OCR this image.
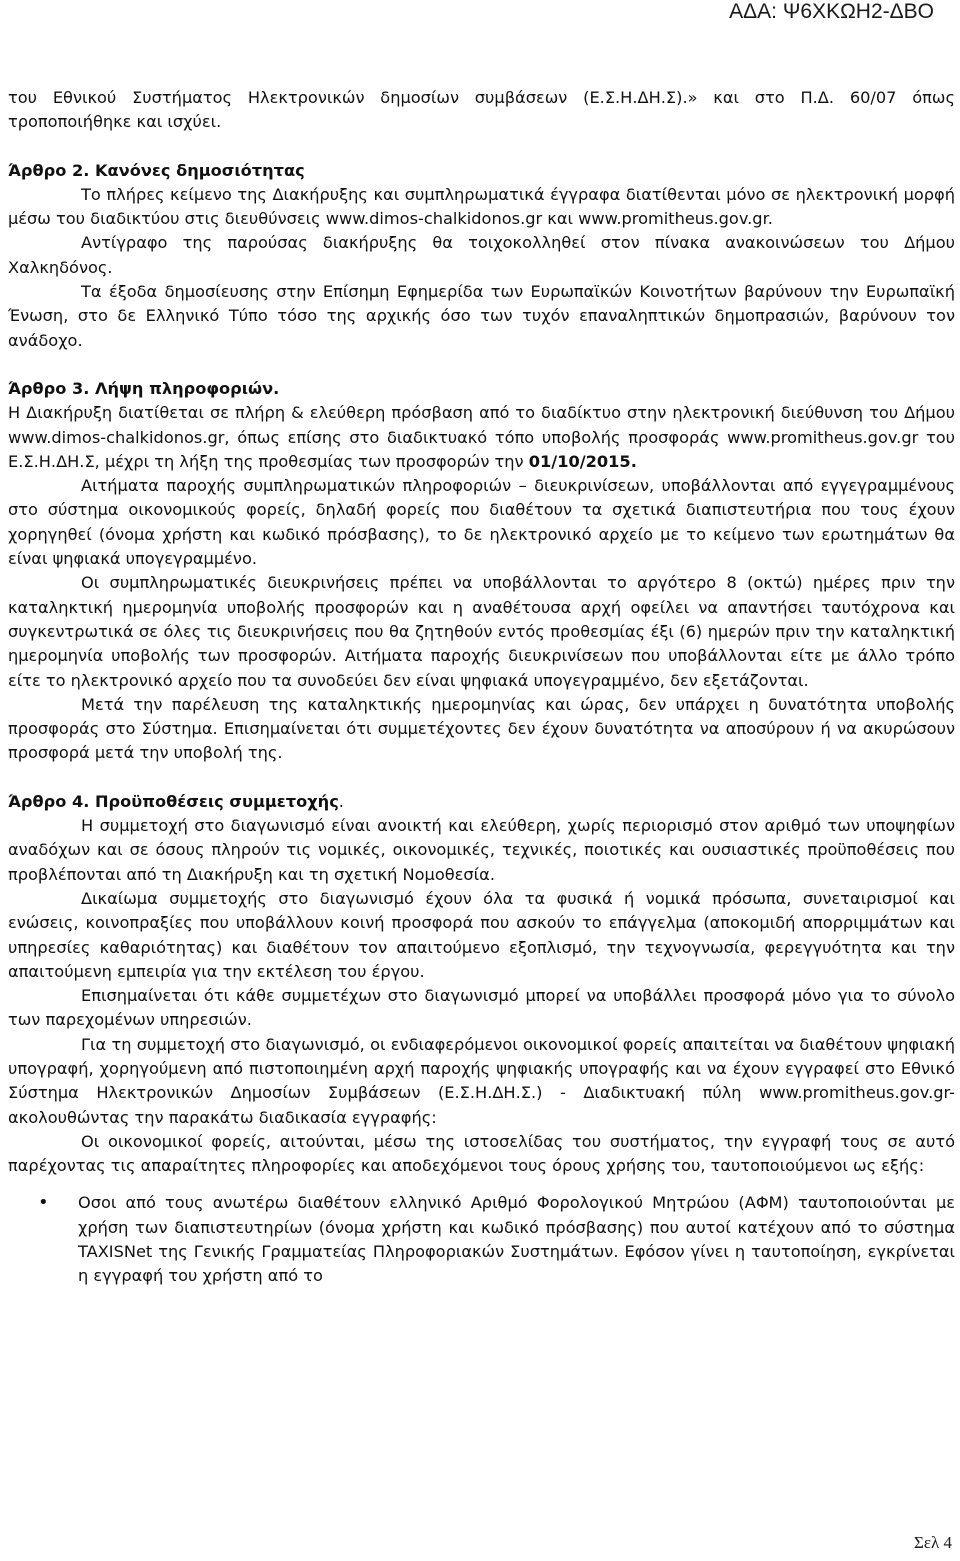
ΑΔΑ: Ψ6ΧΚΩΗ2-ΔΒΟ

του Εθνικού Συστήματος Ηλεκτρονικών δημοσίων συμβάσεων (Ε.Σ.Η.ΔΗ.Σ).» και στο Π.Δ. 60/07 όπως τροποποιήθηκε και ισχύει.

Άρθρο 2. Κανόνες δημοσιότητας

Το πλήρες κείμενο της Διακήρυξης και συμπληρωματικά έγγραφα διατίθενται μόνο σε ηλεκτρονική μορφή μέσω του διαδικτύου στις διευθύνσεις www.dimos-chalkidonos.gr και www.promitheus.gov.gr.

Αντίγραφο της παρούσας διακήρυξης θα τοιχοκολληθεί στον πίνακα ανακοινώσεων του Δήμου Χαλκηδόνος.

Τα έξοδα δημοσίευσης στην Επίσημη Εφημερίδα των Ευρωπαϊκών Κοινοτήτων βαρύνουν την Ευρωπαϊκή Ένωση, στο δε Ελληνικό Τύπο τόσο της αρχικής όσο των τυχόν επαναληπτικών δημοπρασιών, βαρύνουν τον ανάδοχο.

Άρθρο 3. Λήψη πληροφοριών.

Η Διακήρυξη διατίθεται σε πλήρη & ελεύθερη πρόσβαση από το διαδίκτυο στην ηλεκτρονική διεύθυνση του Δήμου www.dimos-chalkidonos.gr, όπως επίσης στο διαδικτυακό τόπο υποβολής προσφοράς www.promitheus.gov.gr του Ε.Σ.Η.ΔΗ.Σ, μέχρι τη λήξη της προθεσμίας των προσφορών την 01/10/2015.

Αιτήματα παροχής συμπληρωματικών πληροφοριών – διευκρινίσεων, υποβάλλονται από εγγεγραμμένους στο σύστημα οικονομικούς φορείς, δηλαδή φορείς που διαθέτουν τα σχετικά διαπιστευτήρια που τους έχουν χορηγηθεί (όνομα χρήστη και κωδικό πρόσβασης), το δε ηλεκτρονικό αρχείο με το κείμενο των ερωτημάτων θα είναι ψηφιακά υπογεγραμμένο.

Οι συμπληρωματικές διευκρινήσεις πρέπει να υποβάλλονται το αργότερο 8 (οκτώ) ημέρες πριν την καταληκτική ημερομηνία υποβολής προσφορών και η αναθέτουσα αρχή οφείλει να απαντήσει ταυτόχρονα και συγκεντρωτικά σε όλες τις διευκρινήσεις που θα ζητηθούν εντός προθεσμίας έξι (6) ημερών πριν την καταληκτική ημερομηνία υποβολής των προσφορών. Αιτήματα παροχής διευκρινίσεων που υποβάλλονται είτε με άλλο τρόπο είτε το ηλεκτρονικό αρχείο που τα συνοδεύει δεν είναι ψηφιακά υπογεγραμμένο, δεν εξετάζονται.

Μετά την παρέλευση της καταληκτικής ημερομηνίας και ώρας, δεν υπάρχει η δυνατότητα υποβολής προσφοράς στο Σύστημα. Επισημαίνεται ότι συμμετέχοντες δεν έχουν δυνατότητα να αποσύρουν ή να ακυρώσουν προσφορά μετά την υποβολή της.

Άρθρο 4. Προϋποθέσεις συμμετοχής.

Η συμμετοχή στο διαγωνισμό είναι ανοικτή και ελεύθερη, χωρίς περιορισμό στον αριθμό των υποψηφίων αναδόχων και σε όσους πληρούν τις νομικές, οικονομικές, τεχνικές, ποιοτικές και ουσιαστικές προϋποθέσεις που προβλέπονται από τη Διακήρυξη και τη σχετική Νομοθεσία.

Δικαίωμα συμμετοχής στο διαγωνισμό έχουν όλα τα φυσικά ή νομικά πρόσωπα, συνεταιρισμοί και ενώσεις, κοινοπραξίες που υποβάλλουν κοινή προσφορά που ασκούν το επάγγελμα (αποκομιδή απορριμμάτων και υπηρεσίες καθαριότητας) και διαθέτουν τον απαιτούμενο εξοπλισμό, την τεχνογνωσία, φερεγγυότητα και την απαιτούμενη εμπειρία για την εκτέλεση του έργου.

Επισημαίνεται ότι κάθε συμμετέχων στο διαγωνισμό μπορεί να υποβάλλει προσφορά μόνο για το σύνολο των παρεχομένων υπηρεσιών.

Για τη συμμετοχή στο διαγωνισμό, οι ενδιαφερόμενοι οικονομικοί φορείς απαιτείται να διαθέτουν ψηφιακή υπογραφή, χορηγούμενη από πιστοποιημένη αρχή παροχής ψηφιακής υπογραφής και να έχουν εγγραφεί στο Εθνικό Σύστημα Ηλεκτρονικών Δημοσίων Συμβάσεων (Ε.Σ.Η.ΔΗ.Σ.) - Διαδικτυακή πύλη www.promitheus.gov.gr- ακολουθώντας την παρακάτω διαδικασία εγγραφής:

Οι οικονομικοί φορείς, αιτούνται, μέσω της ιστοσελίδας του συστήματος, την εγγραφή τους σε αυτό παρέχοντας τις απαραίτητες πληροφορίες και αποδεχόμενοι τους όρους χρήσης του, ταυτοποιούμενοι ως εξής:

• Οσοι από τους ανωτέρω διαθέτουν ελληνικό Αριθμό Φορολογικού Μητρώου (ΑΦΜ) ταυτοποιούνται με χρήση των διαπιστευτηρίων (όνομα χρήστη και κωδικό πρόσβασης) που αυτοί κατέχουν από το σύστημα TAXISNet της Γενικής Γραμματείας Πληροφοριακών Συστημάτων. Εφόσον γίνει η ταυτοποίηση, εγκρίνεται η εγγραφή του χρήστη από το
Σελ 4
